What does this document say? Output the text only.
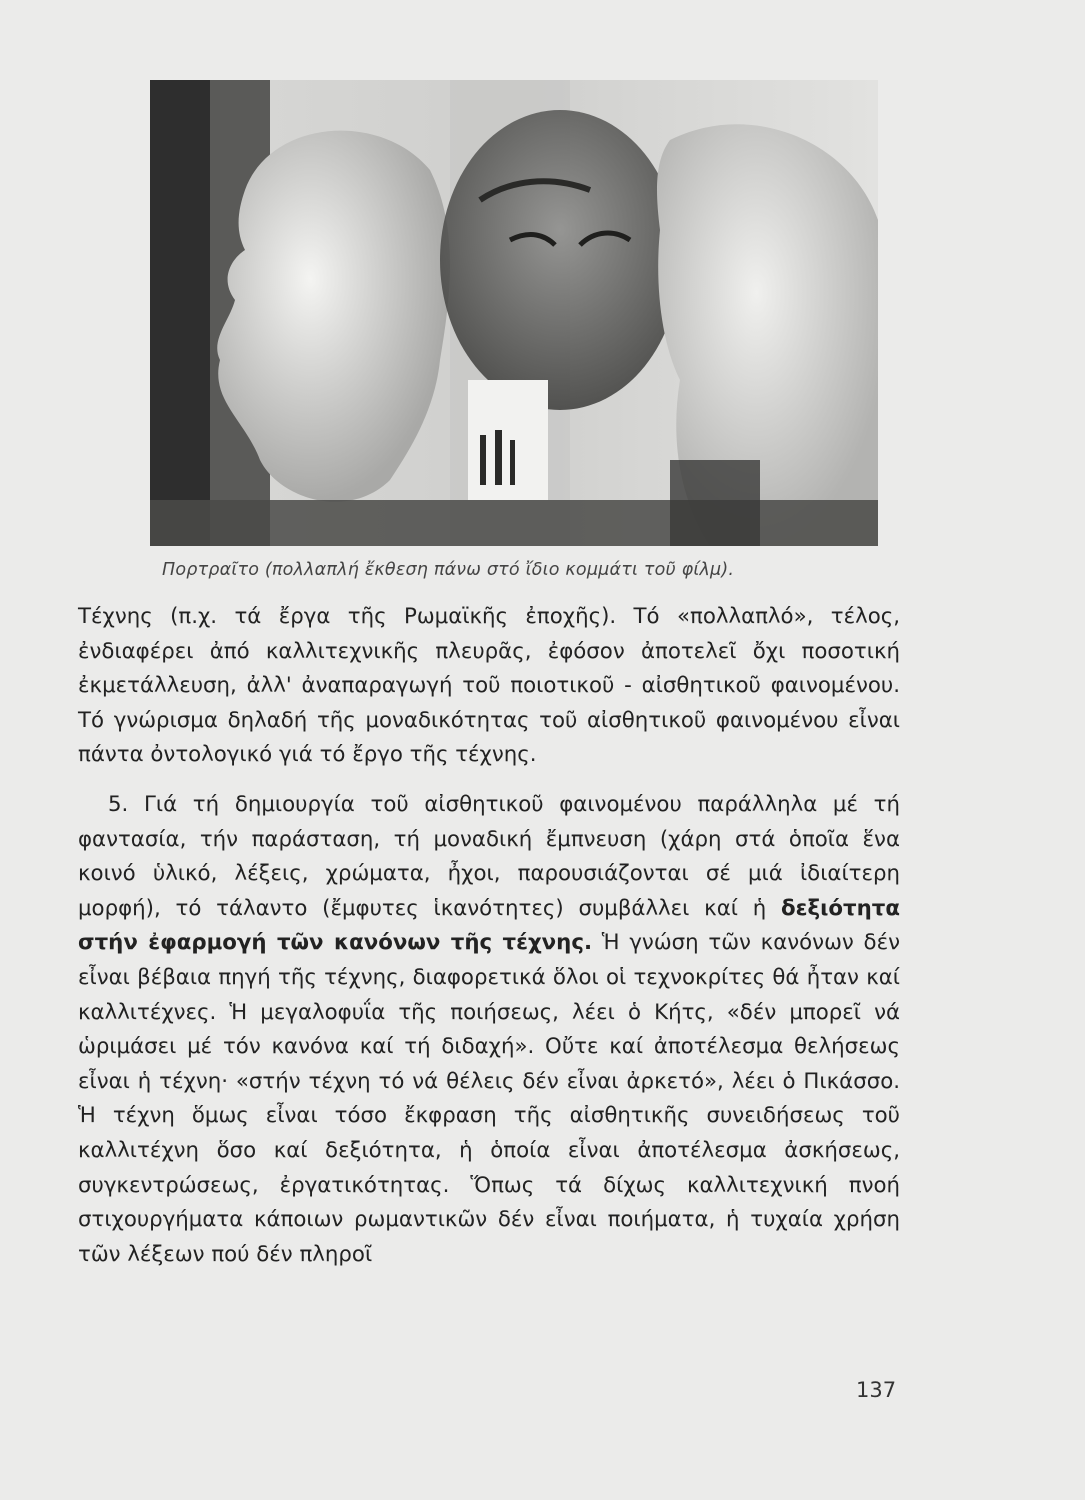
Πορτραῖτο (πολλαπλή ἔκθεση πάνω στό ἴδιο κομμάτι τοῦ φίλμ).

Τέχνης (π.χ. τά ἔργα τῆς Ρωμαϊκῆς ἐποχῆς). Τό «πολλαπλό», τέλος, ἐνδιαφέρει ἀπό καλλιτεχνικῆς πλευρᾶς, ἐφόσον ἀποτελεῖ ὄχι ποσοτική ἐκμετάλλευση, ἀλλ' ἀναπαραγωγή τοῦ ποιοτικοῦ - αἰσθητικοῦ φαινομένου. Τό γνώρισμα δηλαδή τῆς μοναδικότητας τοῦ αἰσθητικοῦ φαινομένου εἶναι πάντα ὀντολογικό γιά τό ἔργο τῆς τέχνης.

5. Γιά τή δημιουργία τοῦ αἰσθητικοῦ φαινομένου παράλληλα μέ τή φαντασία, τήν παράσταση, τή μοναδική ἔμπνευση (χάρη στά ὁποῖα ἕνα κοινό ὑλικό, λέξεις, χρώματα, ἦχοι, παρουσιάζονται σέ μιά ἰδιαίτερη μορφή), τό τάλαντο (ἔμφυτες ἱκανότητες) συμβάλλει καί ἡ δεξιότητα στήν ἐφαρμογή τῶν κανόνων τῆς τέχνης. Ἡ γνώση τῶν κανόνων δέν εἶναι βέβαια πηγή τῆς τέχνης, διαφορετικά ὅλοι οἱ τεχνοκρίτες θά ἦταν καί καλλιτέχνες. Ἡ μεγαλοφυΐα τῆς ποιήσεως, λέει ὁ Κήτς, «δέν μπορεῖ νά ὡριμάσει μέ τόν κανόνα καί τή διδαχή». Οὔτε καί ἀποτέλεσμα θελήσεως εἶναι ἡ τέχνη· «στήν τέχνη τό νά θέλεις δέν εἶναι ἀρκετό», λέει ὁ Πικάσσο. Ἡ τέχνη ὅμως εἶναι τόσο ἔκφραση τῆς αἰσθητικῆς συνειδήσεως τοῦ καλλιτέχνη ὅσο καί δεξιότητα, ἡ ὁποία εἶναι ἀποτέλεσμα ἀσκήσεως, συγκεντρώσεως, ἐργατικότητας. Ὅπως τά δίχως καλλιτεχνική πνοή στιχουργήματα κάποιων ρωμαντικῶν δέν εἶναι ποιήματα, ἡ τυχαία χρήση τῶν λέξεων πού δέν πληροῖ

137
